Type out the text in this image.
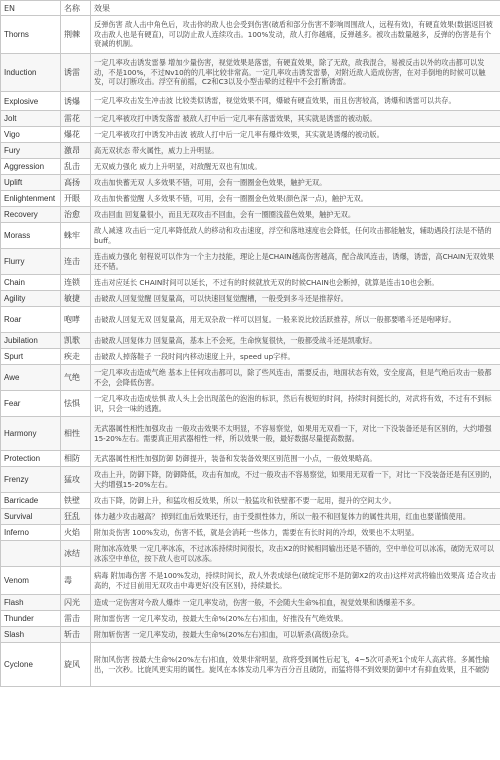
EN	名称	效果
Thorns	荆棘	反弹伤害 敌人击中角色后，攻击你的敌人也会受到伤害(破盾和部分伤害不影响周围敌人，远程有效)，有硬直效果(数据返回被攻击敌人也是有硬直)，可以防止敌人连续攻击。100%发动，敌人打你越痛，反弹越多。被攻击数量越多，反弹的伤害是有个衰减的机制。
Induction	诱雷	一定几率攻击诱发雷暴 增加少量伤害，视觉效果是落雷，有硬直效果，除了无敌，敌我混合，易被反击以外的攻击都可以发动，不是100%，不过Nv10的的几率比较非常高。一定几率攻击诱发雷暴，对附近敌人造成伤害，在对手倒地的时候可以触发，可以打断攻击。浮空有前摇，C2和C3以及小型击晕的过程中不会打断诱雷。
Explosive	诱爆	一定几率攻击发生冲击波 比较类似诱雷，视觉效果不同，爆破有硬直效果，而且伤害较高，诱爆和诱雷可以共存。
Jolt	雷花	一定几率被攻打中诱发落雷 被敌人打中后一定几率有落雷效果，其实就是诱雷的被动版。
Vigo	爆花	一定几率被攻打中诱发冲击波 被敌人打中后一定几率有爆炸效果，其实就是诱爆的被动版。
Fury	激昂	高无双状态 带火属性，威力上升明显。
Aggression	乱击	无双威力强化 威力上升明显，对敌醒无双也有加成。
Uplift	高扬	攻击加快蓄无双 人多效果不错，可用，会有一圈圈金色效果，触护无双。
Enlightenment	开眼	攻击加快蓄觉醒 人多效果不错，可用，会有一圈圈金色效果(颜色深一点)，触护无双。
Recovery	治愈	攻击回血 回复量很小，而且无双攻击不回血，会有一圈圈浅蓝色效果，触护无双。
Morass	蛛牢	敌人减速 攻击后一定几率降低敌人的移动和攻击速度，浮空和落地速度也会降低，任何攻击都能触发，辅助遇段打法是不错的buff。
Flurry	连击	连击威力强化 射程说可以作为一个主力技能，理论上是CHAIN越高伤害越高，配合战风连击，诱爆，诱雷，高CHAIN无双效果还不错。
Chain	连锁	连击对应延长 CHAIN时间可以延长，不过有的时候就放无双的时候CHAIN也会断掉，就算是连击10也会断。
Agility	敏捷	击破敌人回复觉醒 回复量高，可以快速回复觉醒槽，一般受到多斗还是推荐好。
Roar	咆哮	击破敌人回复无双 回复量高，用无双杂敌一样可以回复。一般来说比较活跃推荐，所以一般都要嗜斗还是咆哮好。
Jubilation	凯歌	击破敌人回复体力 回复量高，基本上不会死，生命恢复很快，一般都受战斗还是凯歌好。
Spurt	疾走	击破敌人掉落鞋子 一段时间内移动速度上升，speed up字样。
Awe	气绝	一定几率攻击造成气绝 基本上任何攻击都可以，除了些风连击，需要反击，地面状态有效，安全度高，但是气绝后攻击一般都不会，会降低伤害。
Fear	怯惧	一定几率攻击造成怯惧 敌人头上会出现蓝色的泡泡的标识，然后有极短的时间，持续时间挺长的，对武将有效，不过有不到标识，只会一味的逃跑。
Harmony	相性	无武器属性相性加强攻击 一般攻击效果不太明显，不容易察觉，如果用无双看一下，对比一下没装备还是有区别的，大约增强15-20%左右。需要真正用武器相性一样，所以效果一般，最好数据尽量提高数据。
Protection	相防	无武器属性相性加强防御 防御提升，装备和发装备效果区别范围一小点，一般效果略高。
Frenzy	猛攻	攻击上升，防御下降，防御降低，攻击有加成，不过一般攻击不容易察觉，如果用无双看一下，对比一下没装备还是有区别的，大约增强15-20%左右。
Barricade	铁壁	攻击下降，防御上升，和猛攻相反效果，所以一般猛攻和铁壁都不要一起用，提升的空间太少。
Survival	狂乱	体力越少攻击越高？ 掉到红血后效果还行，由于受损性体力，所以一般不和回复体力的属性共用，红血也要谨慎使用。
Inferno	火焰	附加炎伤害 100%发动，伤害不低，就是会消耗一些体力，需要在有长时间的冷却，效果也不太明显。
	冰结	附加冰冻效果 一定几率冰冻，不过冰冻持续时间很长，攻击X2的时候相同输出还是不错的，空中单位可以冰冻，破防无双可以冰冻空中单位，按下敌人也可以冰冻。
Venom	毒	病毒 附加毒伤害 不是100%发动，持续时间长，敌人外表成绿色(破绽定形不是防御X2的攻击)这样对武将输出效果高 适合攻击高的，不过目前用无双攻击中毒更好(没有区别)，持续最长。
Flash	闪光	造成一定伤害对今敌人爆炸 一定几率发动，伤害一般，不会随大生命%扣血，视觉效果和诱爆差不多。
Thunder	雷击	附加雷伤害 一定几率发动，按最大生命%(20%左右)扣血，好推没有气绝效果。
Slash	斩击	附加斩伤害 一定几率发动，按最大生命%(20%左右)扣血，可以斩杀(高级)杂兵。
Cyclone	旋风	附加风伤害 按最大生命%(20%左右)扣血，效果非常明显，敌将受到属性后起飞，4~5次可杀死1个成年人高武将。多属性输出，一次秒。比旋风更实用的属性。旋风在本体发动几率为百分百且破防，而猛将得不到效果防御中才有抑血效果，且不破防
